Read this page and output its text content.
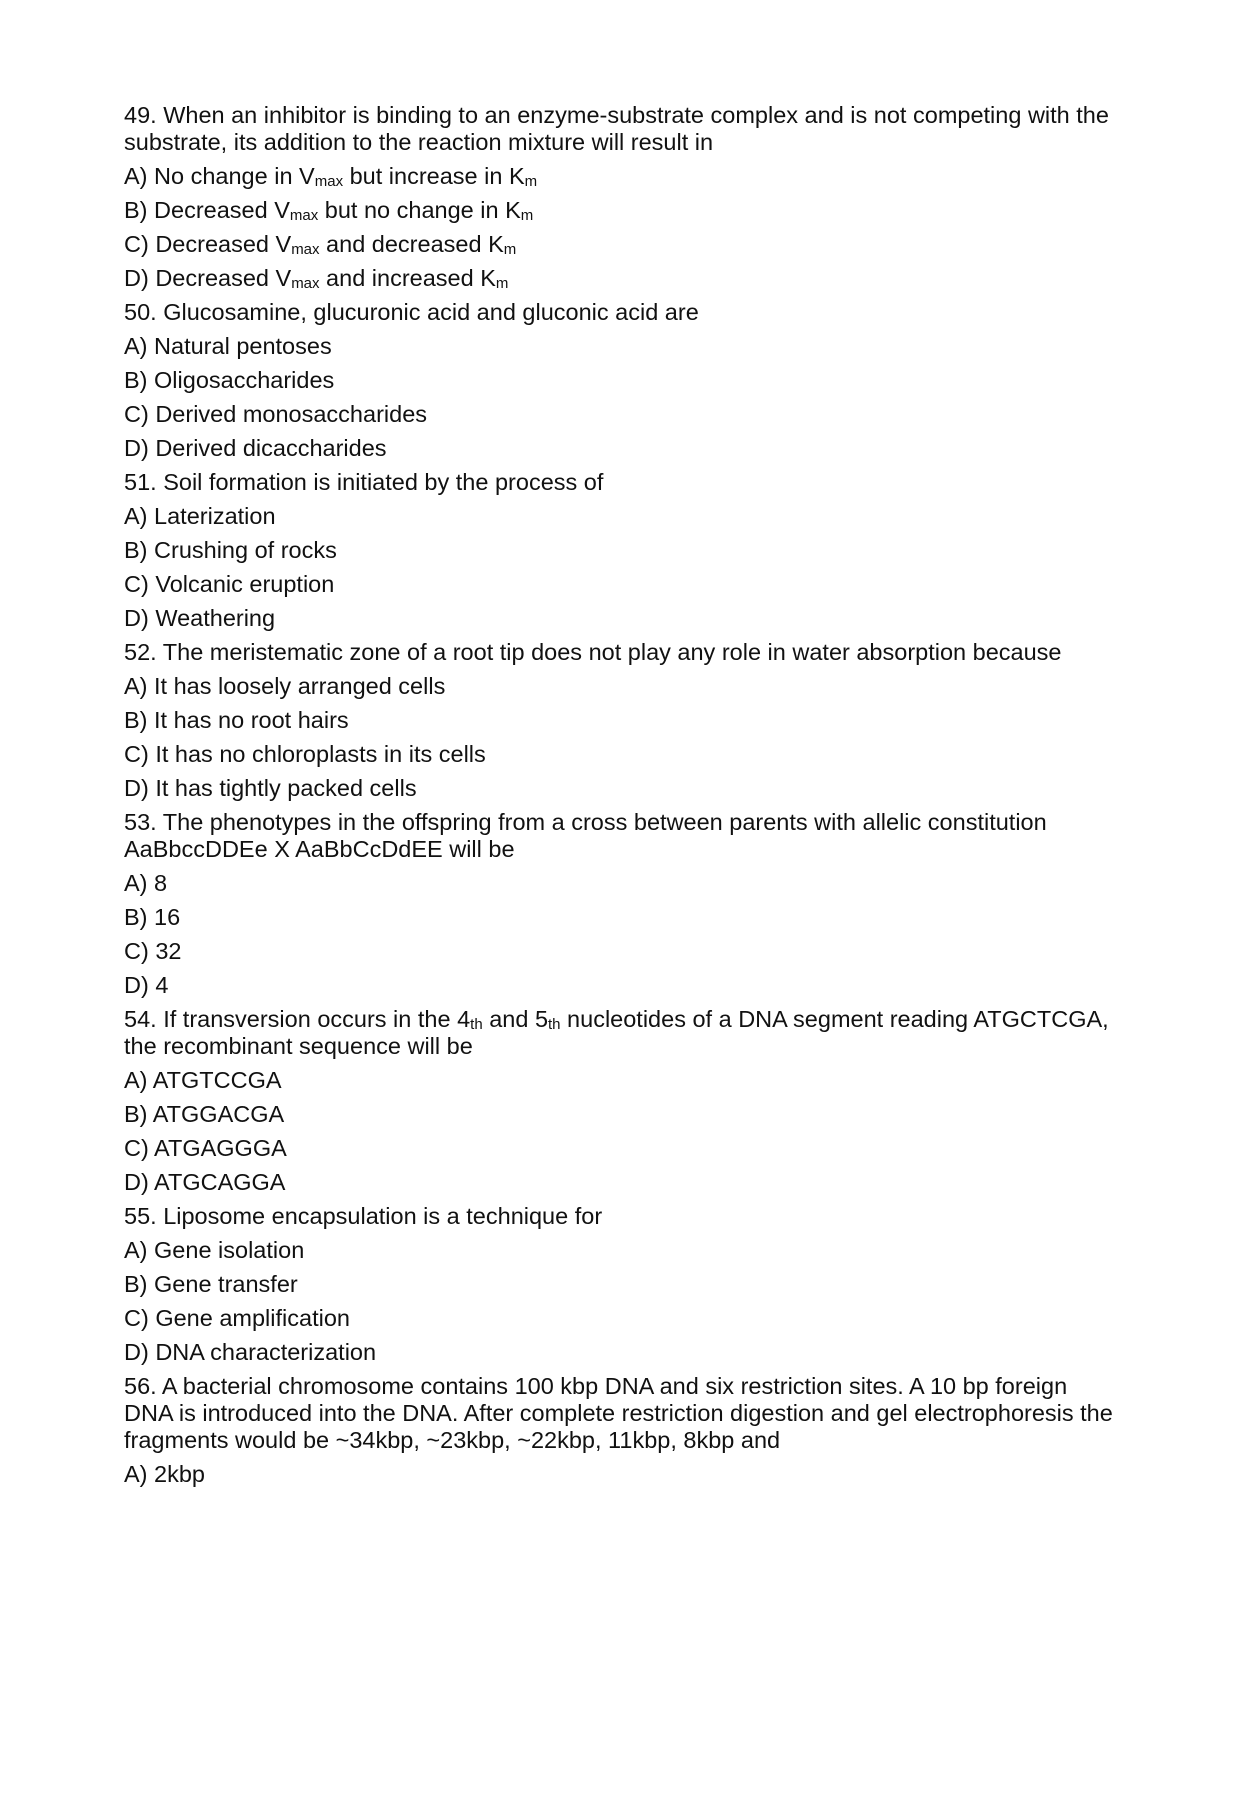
49. When an inhibitor is binding to an enzyme-substrate complex and is not competing with the
substrate, its addition to the reaction mixture will result in
A) No change in Vmax but increase in Km
B) Decreased Vmax but no change in Km
C) Decreased Vmax and decreased Km
D) Decreased Vmax and increased Km
50. Glucosamine, glucuronic acid and gluconic acid are
A) Natural pentoses
B) Oligosaccharides
C) Derived monosaccharides
D) Derived dicaccharides
51. Soil formation is initiated by the process of
A) Laterization
B) Crushing of rocks
C) Volcanic eruption
D) Weathering
52. The meristematic zone of a root tip does not play any role in water absorption because
A) It has loosely arranged cells
B) It has no root hairs
C) It has no chloroplasts in its cells
D) It has tightly packed cells
53. The phenotypes in the offspring from a cross between parents with allelic constitution
AaBbccDDEe X AaBbCcDdEE will be
A) 8
B) 16
C) 32
D) 4
54. If transversion occurs in the 4th and 5th nucleotides of a DNA segment reading ATGCTCGA,
the recombinant sequence will be
A) ATGTCCGA
B) ATGGACGA
C) ATGAGGGA
D) ATGCAGGA
55. Liposome encapsulation is a technique for
A) Gene isolation
B) Gene transfer
C) Gene amplification
D) DNA characterization
56. A bacterial chromosome contains 100 kbp DNA and six restriction sites. A 10 bp foreign
DNA is introduced into the DNA. After complete restriction digestion and gel electrophoresis the
fragments would be ~34kbp, ~23kbp, ~22kbp, 11kbp, 8kbp and
A) 2kbp
